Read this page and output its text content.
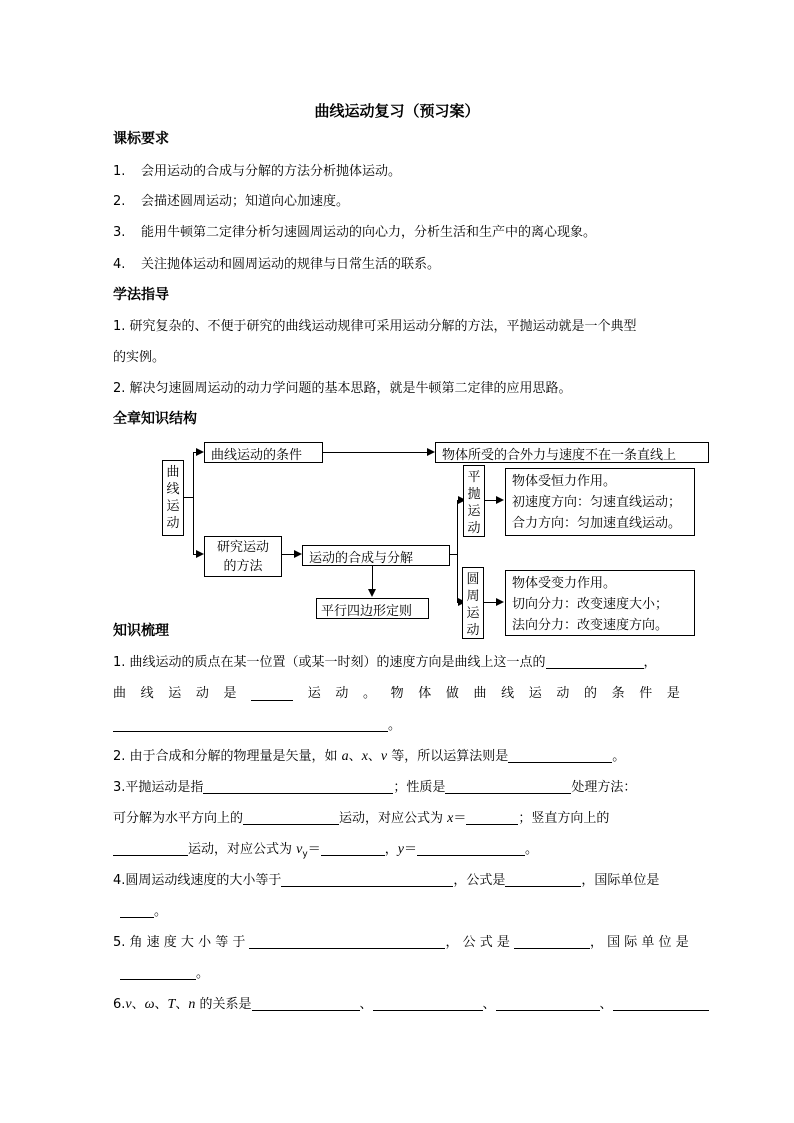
曲线运动复习（预习案）
课标要求
1. 会用运动的合成与分解的方法分析抛体运动。
2. 会描述圆周运动；知道向心加速度。
3. 能用牛顿第二定律分析匀速圆周运动的向心力，分析生活和生产中的离心现象。
4. 关注抛体运动和圆周运动的规律与日常生活的联系。
学法指导
1. 研究复杂的、不便于研究的曲线运动规律可采用运动分解的方法，平抛运动就是一个典型
的实例。
2. 解决匀速圆周运动的动力学问题的基本思路，就是牛顿第二定律的应用思路。
全章知识结构
曲
线
运
动
曲线运动的条件	物体所受的合外力与速度不在一条直线上
研究运动
的方法
运动的合成与分解
平行四边形定则
平
抛
运
动
物体受恒力作用。
初速度方向：匀速直线运动；
合力方向：匀加速直线运动。
圆
周
运
动
物体受变力作用。
切向分力：改变速度大小；
法向分力：改变速度方向。
知识梳理
1. 曲线运动的质点在某一位置（或某一时刻）的速度方向是曲线上这一点的	，
曲 线 运 动 是	运 动 。 物 体 做 曲 线 运 动 的 条 件 是
。
2. 由于合成和分解的物理量是矢量，如 a、x、v 等，所以运算法则是	。
3.平抛运动是指	；性质是	处理方法：
可分解为水平方向上的	运动，对应公式为 x＝	；竖直方向上的
运动，对应公式为 $v_y=$	，y＝	。
4.圆周运动线速度的大小等于	，公式是	，国际单位是
。
5. 角 速 度 大 小 等 于	， 公 式 是	， 国 际 单 位 是
。
6.v、ω、T、n 的关系是	、	、	、
